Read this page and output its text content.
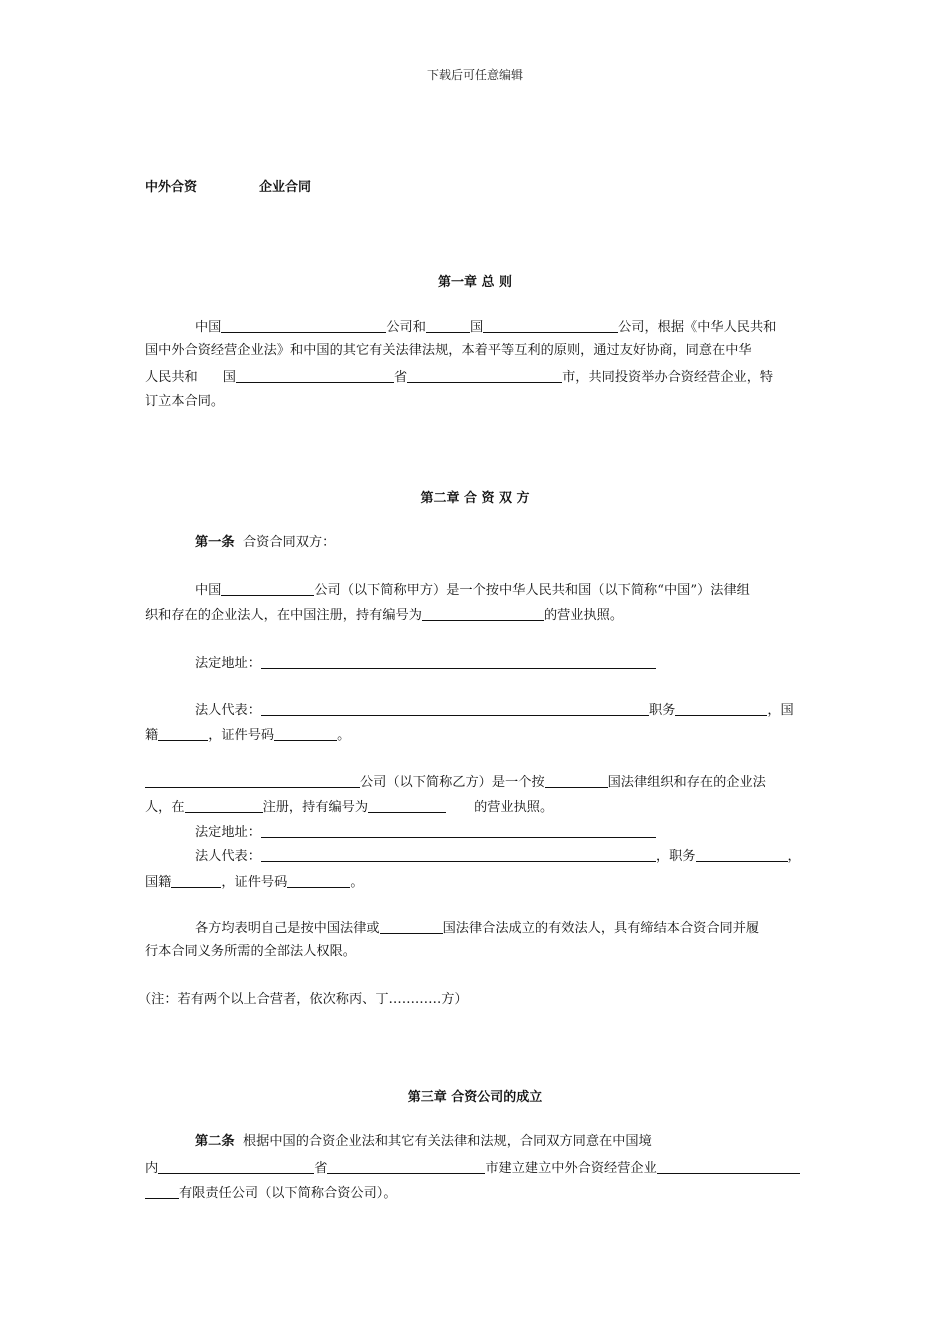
下载后可任意编辑
中外合资	企业合同
第一章 总 则
中国	公司和	国	公司，根据《中华人民共和
国中外合资经营企业法》和中国的其它有关法律法规，本着平等互利的原则，通过友好协商，同意在中华
人民共和 国	省	市，共同投资举办合资经营企业，特
订立本合同。
第二章 合 资 双 方
第一条 合资合同双方：
中国	公司（以下简称甲方）是一个按中华人民共和国（以下简称“中国”）法律组
织和存在的企业法人，在中国注册，持有编号为	的营业执照。
法定地址：
法人代表：	职务	，国
籍	，证件号码	。
公司（以下简称乙方）是一个按	国法律组织和存在的企业法
人，在	注册，持有编号为	的营业执照。
法定地址：
法人代表：	，职务	，
国籍	，证件号码	。
各方均表明自己是按中国法律或	国法律合法成立的有效法人，具有缔结本合资合同并履
行本合同义务所需的全部法人权限。
（注：若有两个以上合营者，依次称丙、丁…………方）
第三章 合资公司的成立
第二条 根据中国的合资企业法和其它有关法律和法规，合同双方同意在中国境
内	省	市建立建立中外合资经营企业
有限责任公司（以下简称合资公司）。
